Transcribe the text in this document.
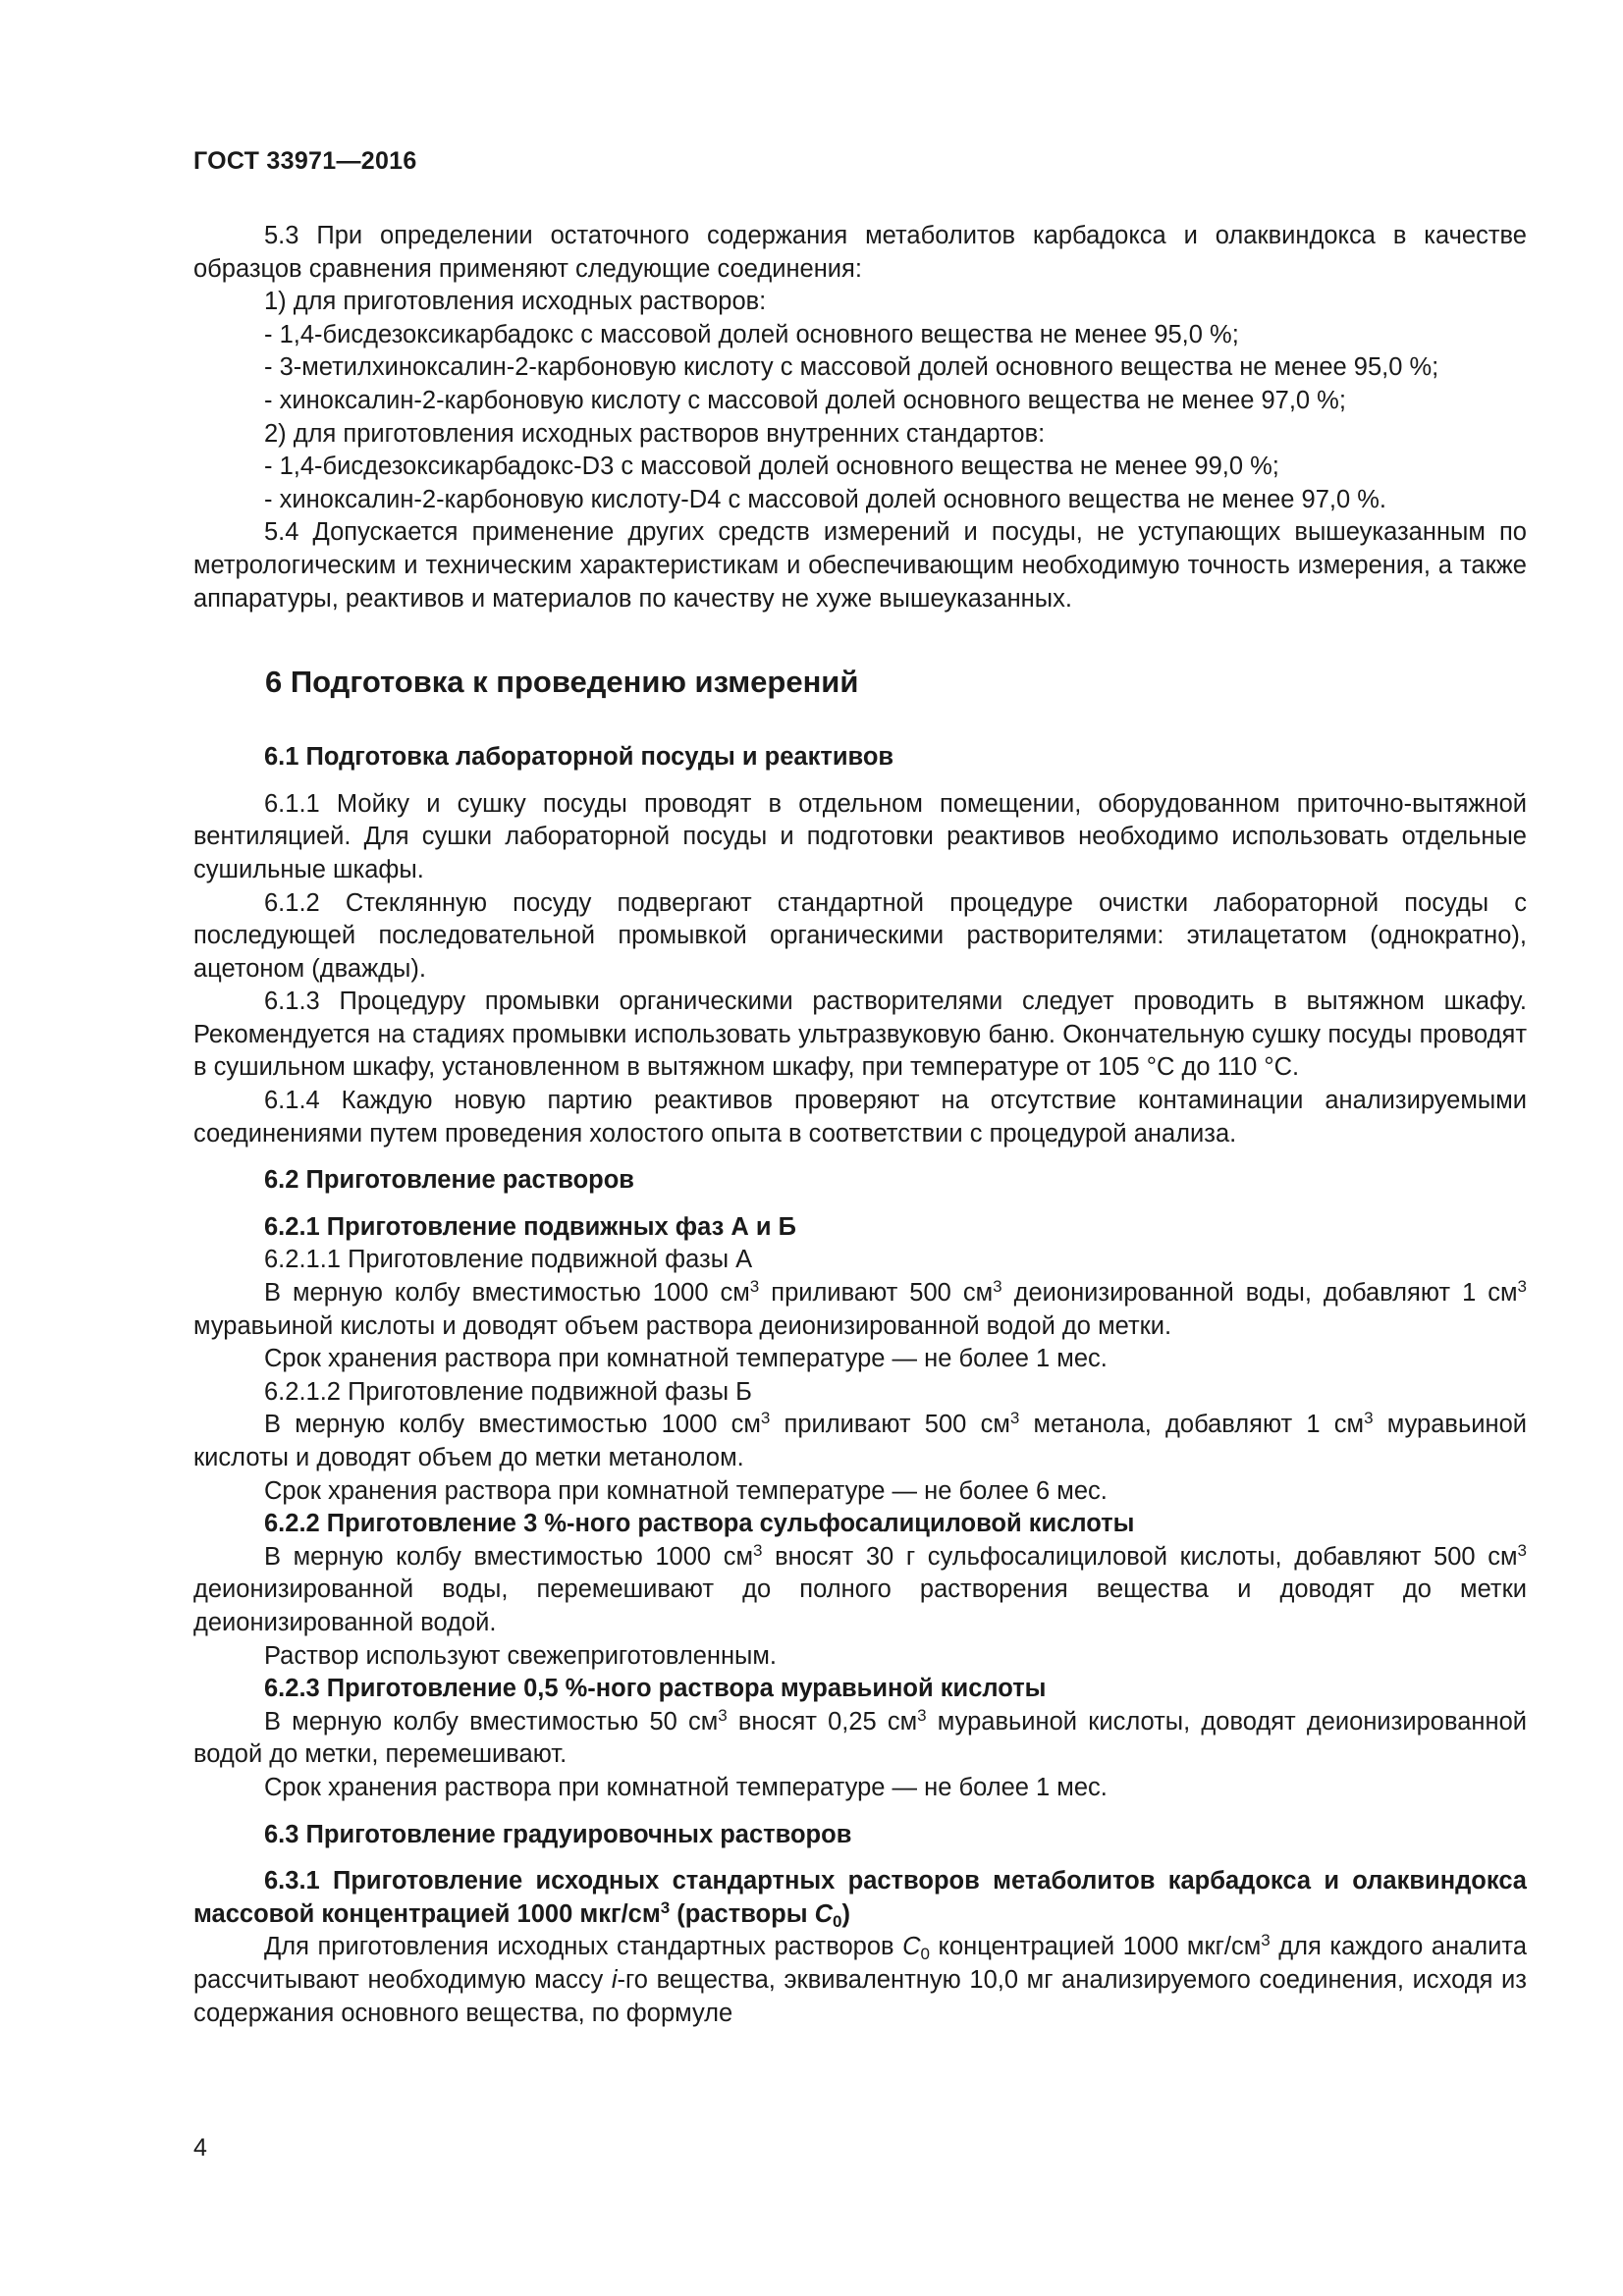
ГОСТ 33971—2016

5.3 При определении остаточного содержания метаболитов карбадокса и олаквиндокса в качестве образцов сравнения применяют следующие соединения:

1) для приготовления исходных растворов:

- 1,4-бисдезоксикарбадокс с массовой долей основного вещества не менее 95,0 %;

- 3-метилхиноксалин-2-карбоновую кислоту с массовой долей основного вещества не менее 95,0 %;

- хиноксалин-2-карбоновую кислоту с массовой долей основного вещества не менее 97,0 %;

2) для приготовления исходных растворов внутренних стандартов:

- 1,4-бисдезоксикарбадокс-D3 с массовой долей основного вещества не менее 99,0 %;

- хиноксалин-2-карбоновую кислоту-D4 с массовой долей основного вещества не менее 97,0 %.

5.4 Допускается применение других средств измерений и посуды, не уступающих вышеуказанным по метрологическим и техническим характеристикам и обеспечивающим необходимую точность измерения, а также аппаратуры, реактивов и материалов по качеству не хуже вышеуказанных.

6 Подготовка к проведению измерений

6.1 Подготовка лабораторной посуды и реактивов

6.1.1 Мойку и сушку посуды проводят в отдельном помещении, оборудованном приточно-вытяжной вентиляцией. Для сушки лабораторной посуды и подготовки реактивов необходимо использовать отдельные сушильные шкафы.

6.1.2 Стеклянную посуду подвергают стандартной процедуре очистки лабораторной посуды с последующей последовательной промывкой органическими растворителями: этилацетатом (однократно), ацетоном (дважды).

6.1.3 Процедуру промывки органическими растворителями следует проводить в вытяжном шкафу. Рекомендуется на стадиях промывки использовать ультразвуковую баню. Окончательную сушку посуды проводят в сушильном шкафу, установленном в вытяжном шкафу, при температуре от 105 °С до 110 °С.

6.1.4 Каждую новую партию реактивов проверяют на отсутствие контаминации анализируемыми соединениями путем проведения холостого опыта в соответствии с процедурой анализа.

6.2 Приготовление растворов

6.2.1 Приготовление подвижных фаз А и Б

6.2.1.1 Приготовление подвижной фазы А

В мерную колбу вместимостью 1000 $см^3$ приливают 500 $см^3$ деионизированной воды, добавляют 1 $см^3$ муравьиной кислоты и доводят объем раствора деионизированной водой до метки.

Срок хранения раствора при комнатной температуре — не более 1 мес.

6.2.1.2 Приготовление подвижной фазы Б

В мерную колбу вместимостью 1000 $см^3$ приливают 500 $см^3$ метанола, добавляют 1 $см^3$ муравьиной кислоты и доводят объем до метки метанолом.

Срок хранения раствора при комнатной температуре — не более 6 мес.

6.2.2 Приготовление 3 %-ного раствора сульфосалициловой кислоты

В мерную колбу вместимостью 1000 $см^3$ вносят 30 г сульфосалициловой кислоты, добавляют 500 $см^3$ деионизированной воды, перемешивают до полного растворения вещества и доводят до метки деионизированной водой.

Раствор используют свежеприготовленным.

6.2.3 Приготовление 0,5 %-ного раствора муравьиной кислоты

В мерную колбу вместимостью 50 $см^3$ вносят 0,25 $см^3$ муравьиной кислоты, доводят деионизированной водой до метки, перемешивают.

Срок хранения раствора при комнатной температуре — не более 1 мес.

6.3 Приготовление градуировочных растворов

6.3.1 Приготовление исходных стандартных растворов метаболитов карбадокса и олаквиндокса массовой концентрацией 1000 мкг/$см^3$ (растворы $C_0$)

Для приготовления исходных стандартных растворов $C_0$ концентрацией 1000 мкг/$см^3$ для каждого аналита рассчитывают необходимую массу i-го вещества, эквивалентную 10,0 мг анализируемого соединения, исходя из содержания основного вещества, по формуле

4
